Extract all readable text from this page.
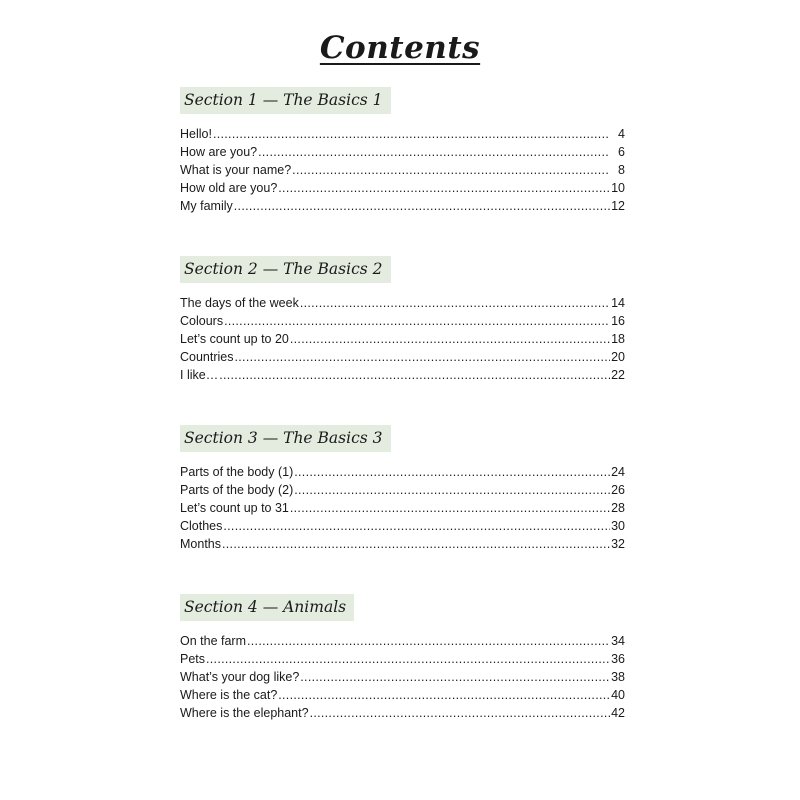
Contents
Section 1 — The Basics 1
Hello! .....	4
How are you? .....	6
What is your name? .....	8
How old are you? .....	10
My family .....	12
Section 2 — The Basics 2
The days of the week .....	14
Colours .....	16
Let’s count up to 20 .....	18
Countries .....	20
I like… .....	22
Section 3 — The Basics 3
Parts of the body (1) .....	24
Parts of the body (2) .....	26
Let’s count up to 31 .....	28
Clothes .....	30
Months .....	32
Section 4 — Animals
On the farm .....	34
Pets .....	36
What’s your dog like? .....	38
Where is the cat? .....	40
Where is the elephant? .....	42
